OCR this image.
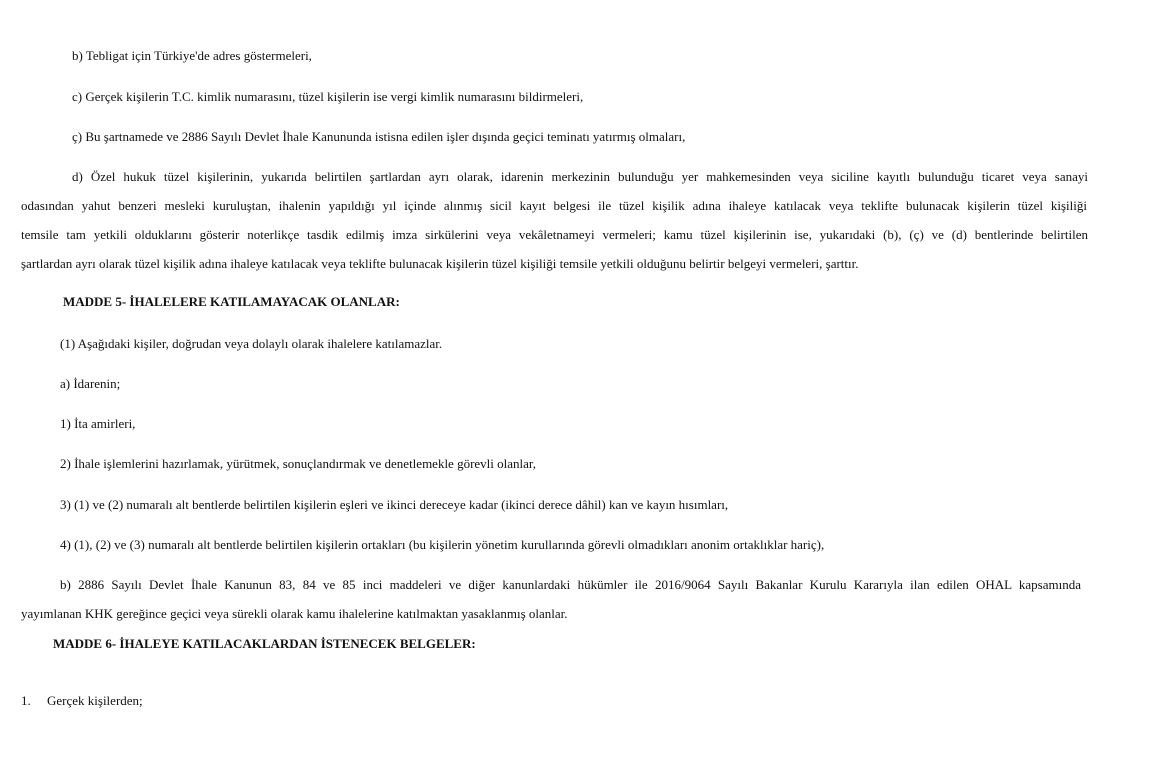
b) Tebligat için Türkiye'de adres göstermeleri,
c) Gerçek kişilerin T.C. kimlik numarasını, tüzel kişilerin ise vergi kimlik numarasını bildirmeleri,
ç) Bu şartnamede ve 2886 Sayılı Devlet İhale Kanununda istisna edilen işler dışında geçici teminatı yatırmış olmaları,
d) Özel hukuk tüzel kişilerinin, yukarıda belirtilen şartlardan ayrı olarak, idarenin merkezinin bulunduğu yer mahkemesinden veya siciline kayıtlı bulunduğu ticaret veya sanayi
odasından yahut benzeri mesleki kuruluştan, ihalenin yapıldığı yıl içinde alınmış sicil kayıt belgesi ile tüzel kişilik adına ihaleye katılacak veya teklifte bulunacak kişilerin tüzel kişiliği
temsile tam yetkili olduklarını gösterir noterlikçe tasdik edilmiş imza sirkülerini veya vekâletnameyi vermeleri; kamu tüzel kişilerinin ise, yukarıdaki (b), (ç) ve (d) bentlerinde belirtilen
şartlardan ayrı olarak tüzel kişilik adına ihaleye katılacak veya teklifte bulunacak kişilerin tüzel kişiliği temsile yetkili olduğunu belirtir belgeyi vermeleri, şarttır.
MADDE 5- İHALELERE KATILAMAYACAK OLANLAR:
(1) Aşağıdaki kişiler, doğrudan veya dolaylı olarak ihalelere katılamazlar.
a) İdarenin;
1) İta amirleri,
2) İhale işlemlerini hazırlamak, yürütmek, sonuçlandırmak ve denetlemekle görevli olanlar,
3) (1) ve (2) numaralı alt bentlerde belirtilen kişilerin eşleri ve ikinci dereceye kadar (ikinci derece dâhil) kan ve kayın hısımları,
4) (1), (2) ve (3) numaralı alt bentlerde belirtilen kişilerin ortakları (bu kişilerin yönetim kurullarında görevli olmadıkları anonim ortaklıklar hariç),
b) 2886 Sayılı Devlet İhale Kanunun 83, 84 ve 85 inci maddeleri ve diğer kanunlardaki hükümler ile 2016/9064 Sayılı Bakanlar Kurulu Kararıyla ilan edilen OHAL kapsamında
yayımlanan KHK gereğince geçici veya sürekli olarak kamu ihalelerine katılmaktan yasaklanmış olanlar.
MADDE 6- İHALEYE KATILACAKLARDAN İSTENECEK BELGELER:
1. Gerçek kişilerden;
